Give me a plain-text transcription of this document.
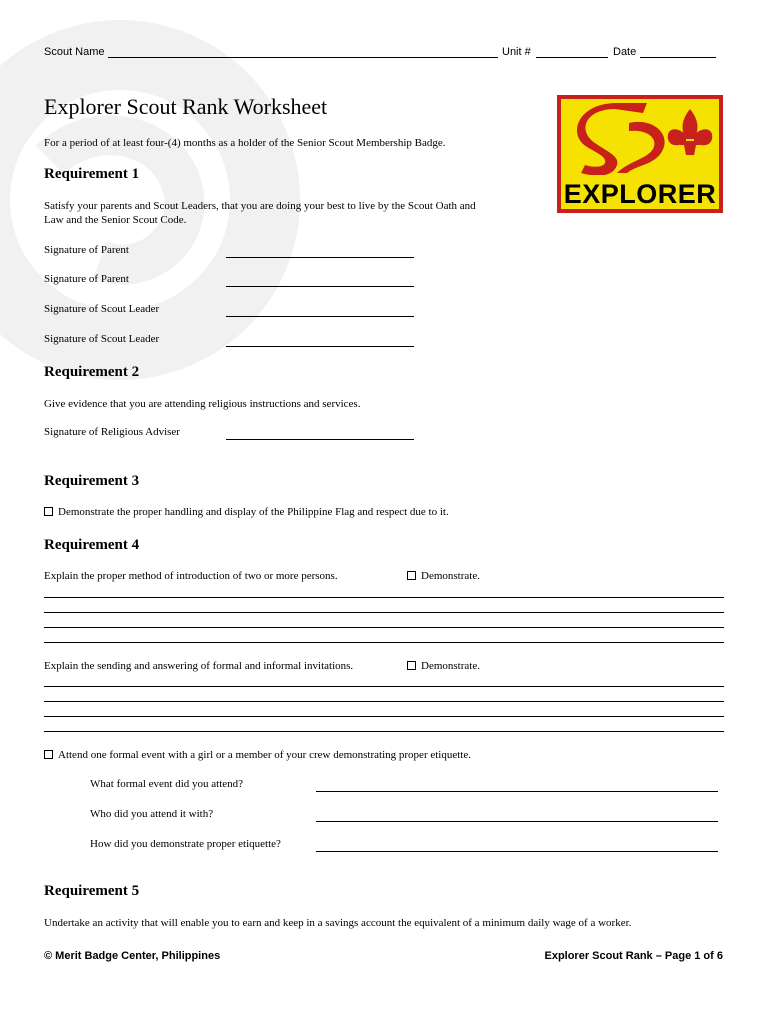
Scout Name	Unit #	Date
Explorer Scout Rank Worksheet
For a period of at least four-(4) months as a holder of the Senior Scout Membership Badge.
EXPLORER
Requirement 1
Satisfy your parents and Scout Leaders, that you are doing your best to live by the Scout Oath and
Law and the Senior Scout Code.
Signature of Parent
Signature of Parent
Signature of Scout Leader
Signature of Scout Leader
Requirement 2
Give evidence that you are attending religious instructions and services.
Signature of Religious Adviser
Requirement 3
Demonstrate the proper handling and display of the Philippine Flag and respect due to it.
Requirement 4
Explain the proper method of introduction of two or more persons.	Demonstrate.
Explain the sending and answering of formal and informal invitations.	Demonstrate.
Attend one formal event with a girl or a member of your crew demonstrating proper etiquette.
What formal event did you attend?
Who did you attend it with?
How did you demonstrate proper etiquette?
Requirement 5
Undertake an activity that will enable you to earn and keep in a savings account the equivalent of a minimum daily wage of a worker.
© Merit Badge Center, Philippines	Explorer Scout Rank – Page 1 of 6
